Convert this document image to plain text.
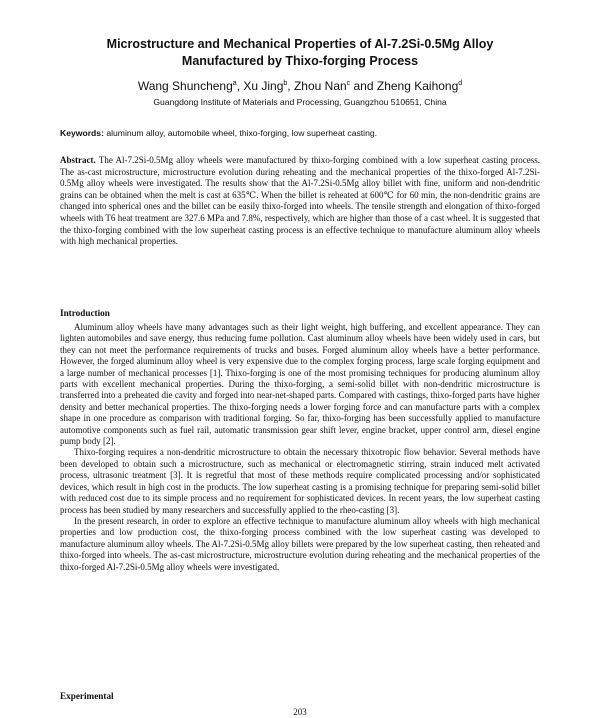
Microstructure and Mechanical Properties of Al-7.2Si-0.5Mg Alloy
Manufactured by Thixo-forging Process
Wang Shuncheng$^a$, Xu Jing$^b$, Zhou Nan$^c$ and Zheng Kaihong$^d$
Guangdong Institute of Materials and Processing, Guangzhou 510651, China
Keywords: aluminum alloy, automobile wheel, thixo-forging, low superheat casting.

Abstract. The Al-7.2Si-0.5Mg alloy wheels were manufactured by thixo-forging combined with a low superheat casting process. The as-cast microstructure, microstructure evolution during reheating and the mechanical properties of the thixo-forged Al-7.2Si-0.5Mg alloy wheels were investigated. The results show that the Al-7.2Si-0.5Mg alloy billet with fine, uniform and non-dendritic grains can be obtained when the melt is cast at 635℃. When the billet is reheated at 600℃ for 60 min, the non-dendritic grains are changed into spherical ones and the billet can be easily thixo-forged into wheels. The tensile strength and elongation of thixo-forged wheels with T6 heat treatment are 327.6 MPa and 7.8%, respectively, which are higher than those of a cast wheel. It is suggested that the thixo-forging combined with the low superheat casting process is an effective technique to manufacture aluminum alloy wheels with high mechanical properties.

Introduction

Aluminum alloy wheels have many advantages such as their light weight, high buffering, and excellent appearance. They can lighten automobiles and save energy, thus reducing fume pollution. Cast aluminum alloy wheels have been widely used in cars, but they can not meet the performance requirements of trucks and buses. Forged aluminum alloy wheels have a better performance. However, the forged aluminum alloy wheel is very expensive due to the complex forging process, large scale forging equipment and a large number of mechanical processes [1]. Thixo-forging is one of the most promising techniques for producing aluminum alloy parts with excellent mechanical properties. During the thixo-forging, a semi-solid billet with non-dendritic microstructure is transferred into a preheated die cavity and forged into near-net-shaped parts. Compared with castings, thixo-forged parts have higher density and better mechanical properties. The thixo-forging needs a lower forging force and can manufacture parts with a complex shape in one procedure as comparison with traditional forging. So far, thixo-forging has been successfully applied to manufacture automotive components such as fuel rail, automatic transmission gear shift lever, engine bracket, upper control arm, diesel engine pump body [2].

Thixo-forging requires a non-dendritic microstructure to obtain the necessary thixotropic flow behavior. Several methods have been developed to obtain such a microstructure, such as mechanical or electromagnetic stirring, strain induced melt activated process, ultrasonic treatment [3]. It is regretful that most of these methods require complicated processing and/or sophisticated devices, which result in high cost in the products. The low superheat casting is a promising technique for preparing semi-solid billet with reduced cost due to its simple process and no requirement for sophisticated devices. In recent years, the low superheat casting process has been studied by many researchers and successfully applied to the rheo-casting [3].

In the present research, in order to explore an effective technique to manufacture aluminum alloy wheels with high mechanical properties and low production cost, the thixo-forging process combined with the low superheat casting was developed to manufacture aluminum alloy wheels. The Al-7.2Si-0.5Mg alloy billets were prepared by the low superheat casting, then reheated and thixo-forged into wheels. The as-cast microstructure, microstructure evolution during reheating and the mechanical properties of the thixo-forged Al-7.2Si-0.5Mg alloy wheels were investigated.

Experimental
203
